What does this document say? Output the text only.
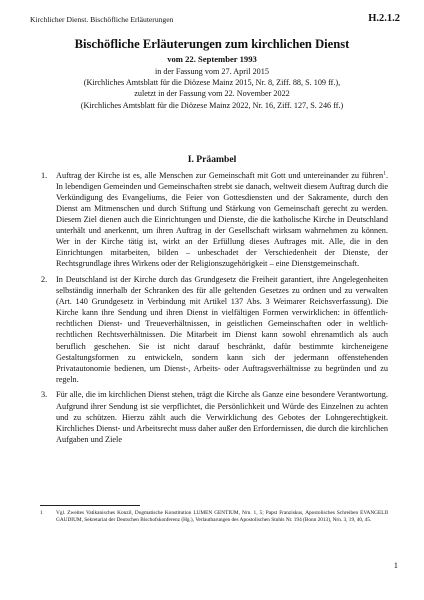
Kirchlicher Dienst. Bischöfliche Erläuterungen	H.2.1.2
Bischöfliche Erläuterungen zum kirchlichen Dienst
vom 22. September 1993
in der Fassung vom 27. April 2015
(Kirchliches Amtsblatt für die Diözese Mainz 2015, Nr. 8, Ziff. 88, S. 109 ff.),
zuletzt in der Fassung vom 22. November 2022
(Kirchliches Amtsblatt für die Diözese Mainz 2022, Nr. 16, Ziff. 127, S. 246 ff.)
I. Präambel

1. Auftrag der Kirche ist es, alle Menschen zur Gemeinschaft mit Gott und untereinander zu führen$^1$. In lebendigen Gemeinden und Gemeinschaften strebt sie danach, weltweit diesem Auftrag durch die Verkündigung des Evangeliums, die Feier von Gottesdiensten und der Sakramente, durch den Dienst am Mitmenschen und durch Stiftung und Stärkung von Gemeinschaft gerecht zu werden. Diesem Ziel dienen auch die Einrichtungen und Dienste, die die katholische Kirche in Deutschland unterhält und anerkennt, um ihren Auftrag in der Gesellschaft wirksam wahrnehmen zu können. Wer in der Kirche tätig ist, wirkt an der Erfüllung dieses Auftrages mit. Alle, die in den Einrichtungen mitarbeiten, bilden – unbeschadet der Verschiedenheit der Dienste, der Rechtsgrundlage ihres Wirkens oder der Religionszugehörigkeit – eine Dienstgemeinschaft.

2. In Deutschland ist der Kirche durch das Grundgesetz die Freiheit garantiert, ihre Angelegenheiten selbständig innerhalb der Schranken des für alle geltenden Gesetzes zu ordnen und zu verwalten (Art. 140 Grundgesetz in Verbindung mit Artikel 137 Abs. 3 Weimarer Reichsverfassung). Die Kirche kann ihre Sendung und ihren Dienst in vielfältigen Formen verwirklichen: in öffentlich-rechtlichen Dienst- und Treueverhältnissen, in geistlichen Gemeinschaften oder in weltlich-rechtlichen Rechtsverhältnissen. Die Mitarbeit im Dienst kann sowohl ehrenamtlich als auch beruflich geschehen. Sie ist nicht darauf beschränkt, dafür bestimmte kircheneigene Gestaltungsformen zu entwickeln, sondern kann sich der jedermann offenstehenden Privatautonomie bedienen, um Dienst-, Arbeits- oder Auftragsverhältnisse zu begründen und zu regeln.

3. Für alle, die im kirchlichen Dienst stehen, trägt die Kirche als Ganze eine besondere Verantwortung. Aufgrund ihrer Sendung ist sie verpflichtet, die Persönlichkeit und Würde des Einzelnen zu achten und zu schützen. Hierzu zählt auch die Verwirklichung des Gebotes der Lohngerechtigkeit. Kirchliches Dienst- und Arbeitsrecht muss daher außer den Erfordernissen, die durch die kirchlichen Aufgaben und Ziele

1	Vgl. Zweites Vatikanisches Konzil, Dogmatische Konstitution LUMEN GENTIUM, Nrn. 1, 5; Papst Franziskus, Apostolisches Schreiben EVANGELII GAUDIUM, Sekretariat der Deutschen Bischofskonferenz (Hg.), Verlautbarungen des Apostolischen Stuhls Nr. 194 (Bonn 2013), Nrn. 3, 19, 40, 45.
1
